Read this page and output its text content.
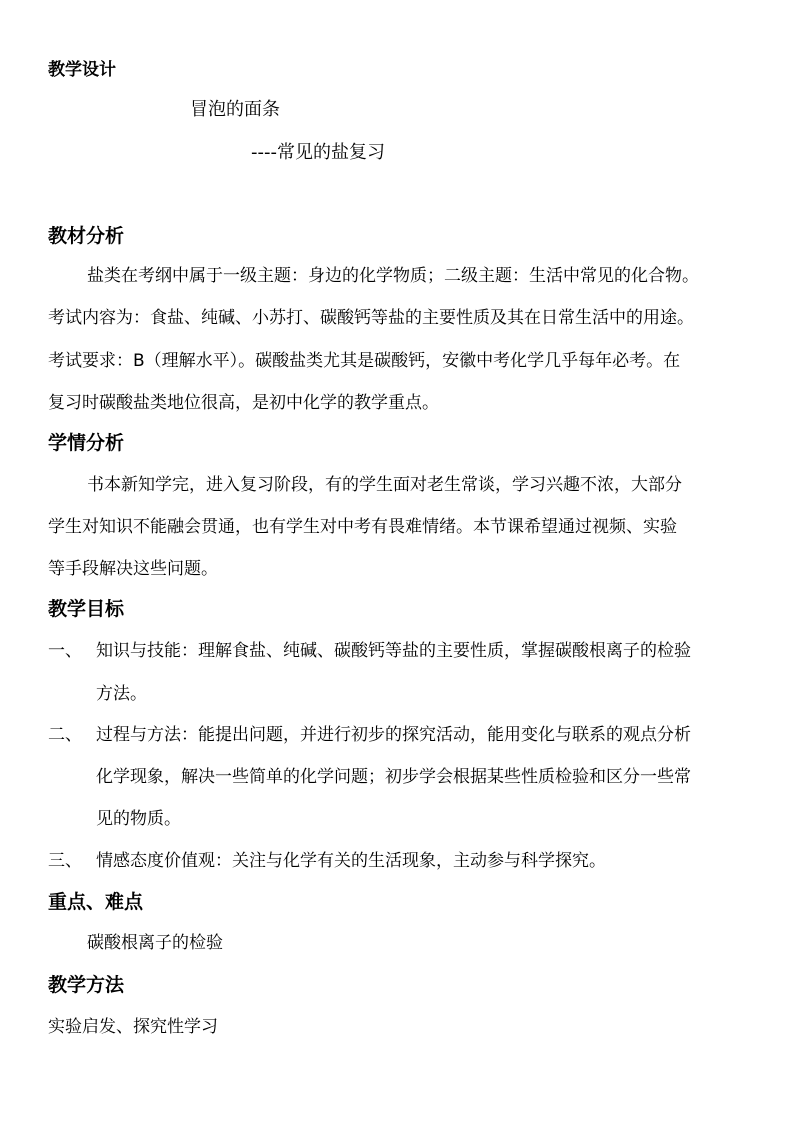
教学设计
冒泡的面条
----常见的盐复习
教材分析
盐类在考纲中属于一级主题：身边的化学物质；二级主题：生活中常见的化合物。
考试内容为：食盐、纯碱、小苏打、碳酸钙等盐的主要性质及其在日常生活中的用途。
考试要求：B（理解水平）。碳酸盐类尤其是碳酸钙，安徽中考化学几乎每年必考。在
复习时碳酸盐类地位很高，是初中化学的教学重点。
学情分析
书本新知学完，进入复习阶段，有的学生面对老生常谈，学习兴趣不浓，大部分
学生对知识不能融会贯通，也有学生对中考有畏难情绪。本节课希望通过视频、实验
等手段解决这些问题。
教学目标
一、 知识与技能：理解食盐、纯碱、碳酸钙等盐的主要性质，掌握碳酸根离子的检验
方法。
二、 过程与方法：能提出问题，并进行初步的探究活动，能用变化与联系的观点分析
化学现象，解决一些简单的化学问题；初步学会根据某些性质检验和区分一些常
见的物质。
三、 情感态度价值观：关注与化学有关的生活现象，主动参与科学探究。
重点、难点
碳酸根离子的检验
教学方法
实验启发、探究性学习
